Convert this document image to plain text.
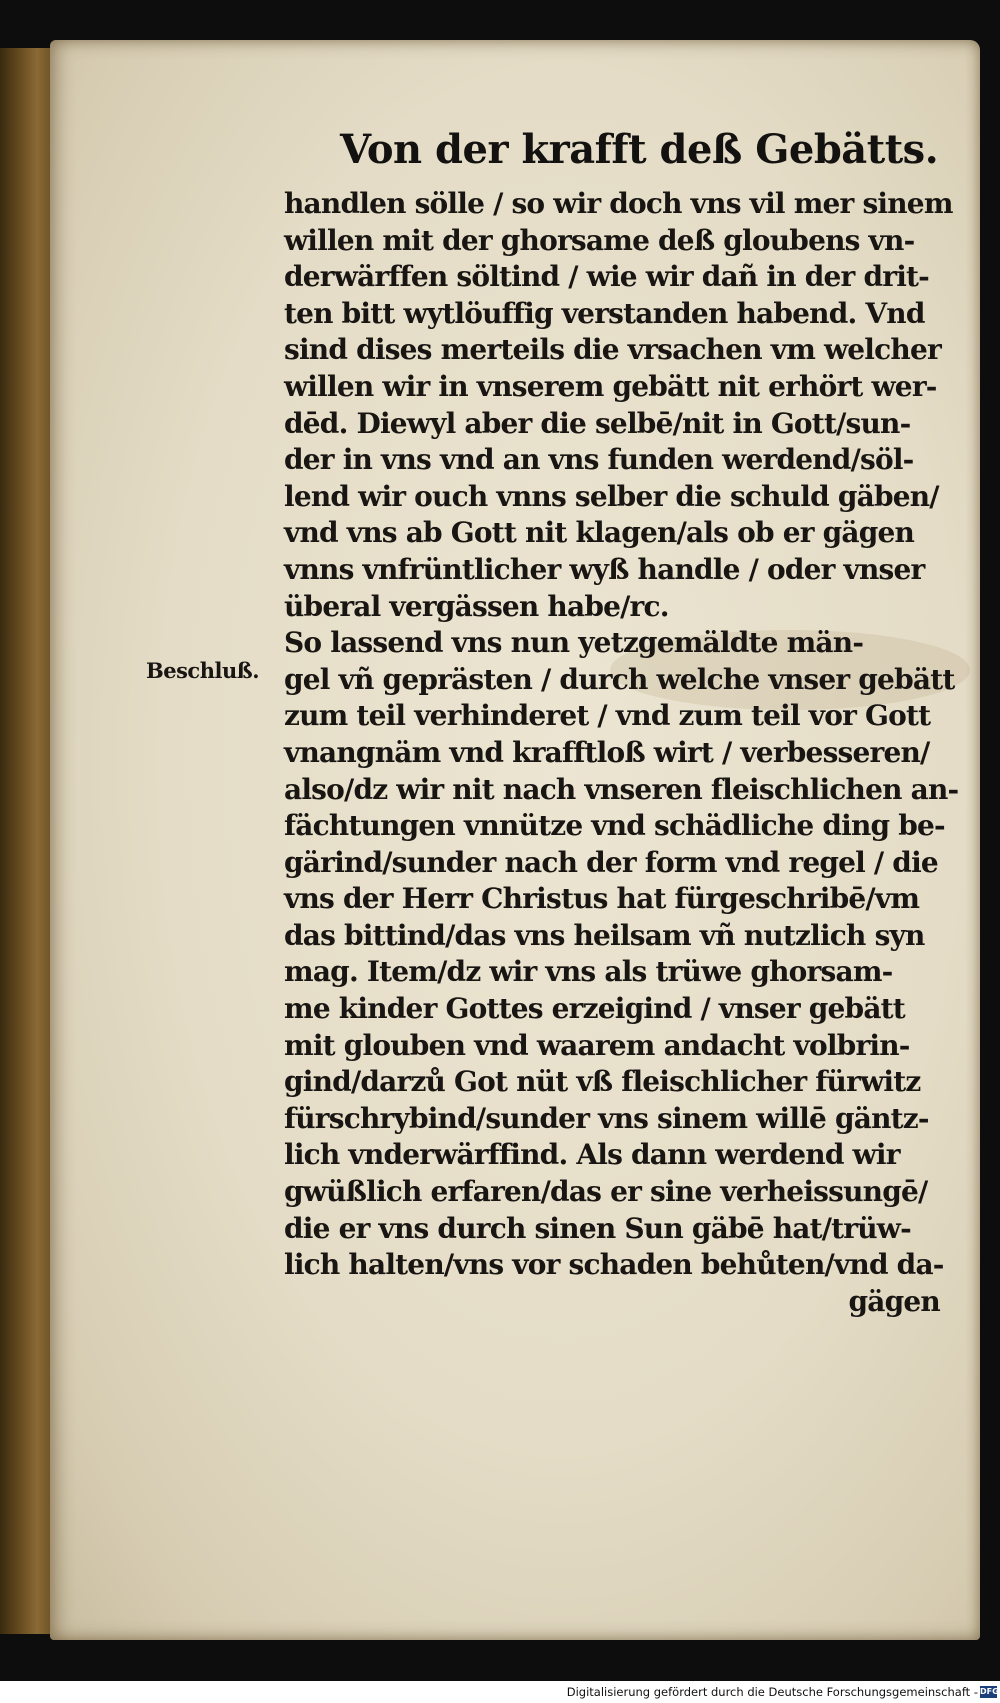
Von der krafft deß Gebätts.
Beschluß.
handlen sölle / so wir doch vns vil mer sinem
willen mit der ghorsame deß gloubens vn-
derwärffen söltind / wie wir dañ in der drit-
ten bitt wytlöuffig verstanden habend. Vnd
sind dises merteils die vrsachen vm welcher
willen wir in vnserem gebätt nit erhört wer-
dēd. Diewyl aber die selbē/nit in Gott/sun-
der in vns vnd an vns funden werdend/söl-
lend wir ouch vnns selber die schuld gäben/
vnd vns ab Gott nit klagen/als ob er gägen
vnns vnfrüntlicher wyß handle / oder vnser
überal vergässen habe/rc.
So lassend vns nun yetzgemäldte män-
gel vñ geprästen / durch welche vnser gebätt
zum teil verhinderet / vnd zum teil vor Gott
vnangnäm vnd krafftloß wirt / verbesseren/
also/dz wir nit nach vnseren fleischlichen an-
fächtungen vnnütze vnd schädliche ding be-
gärind/sunder nach der form vnd regel / die
vns der Herr Christus hat fürgeschribē/vm
das bittind/das vns heilsam vñ nutzlich syn
mag. Item/dz wir vns als trüwe ghorsam-
me kinder Gottes erzeigind / vnser gebätt
mit glouben vnd waarem andacht volbrin-
gind/darzů Got nüt vß fleischlicher fürwitz
fürschrybind/sunder vns sinem willē gäntz-
lich vnderwärffind. Als dann werdend wir
gwüßlich erfaren/das er sine verheissungē/
die er vns durch sinen Sun gäbē hat/trüw-
lich halten/vns vor schaden behůten/vnd da-
gägen
Digitalisierung gefördert durch die Deutsche Forschungsgemeinschaft - DFG
